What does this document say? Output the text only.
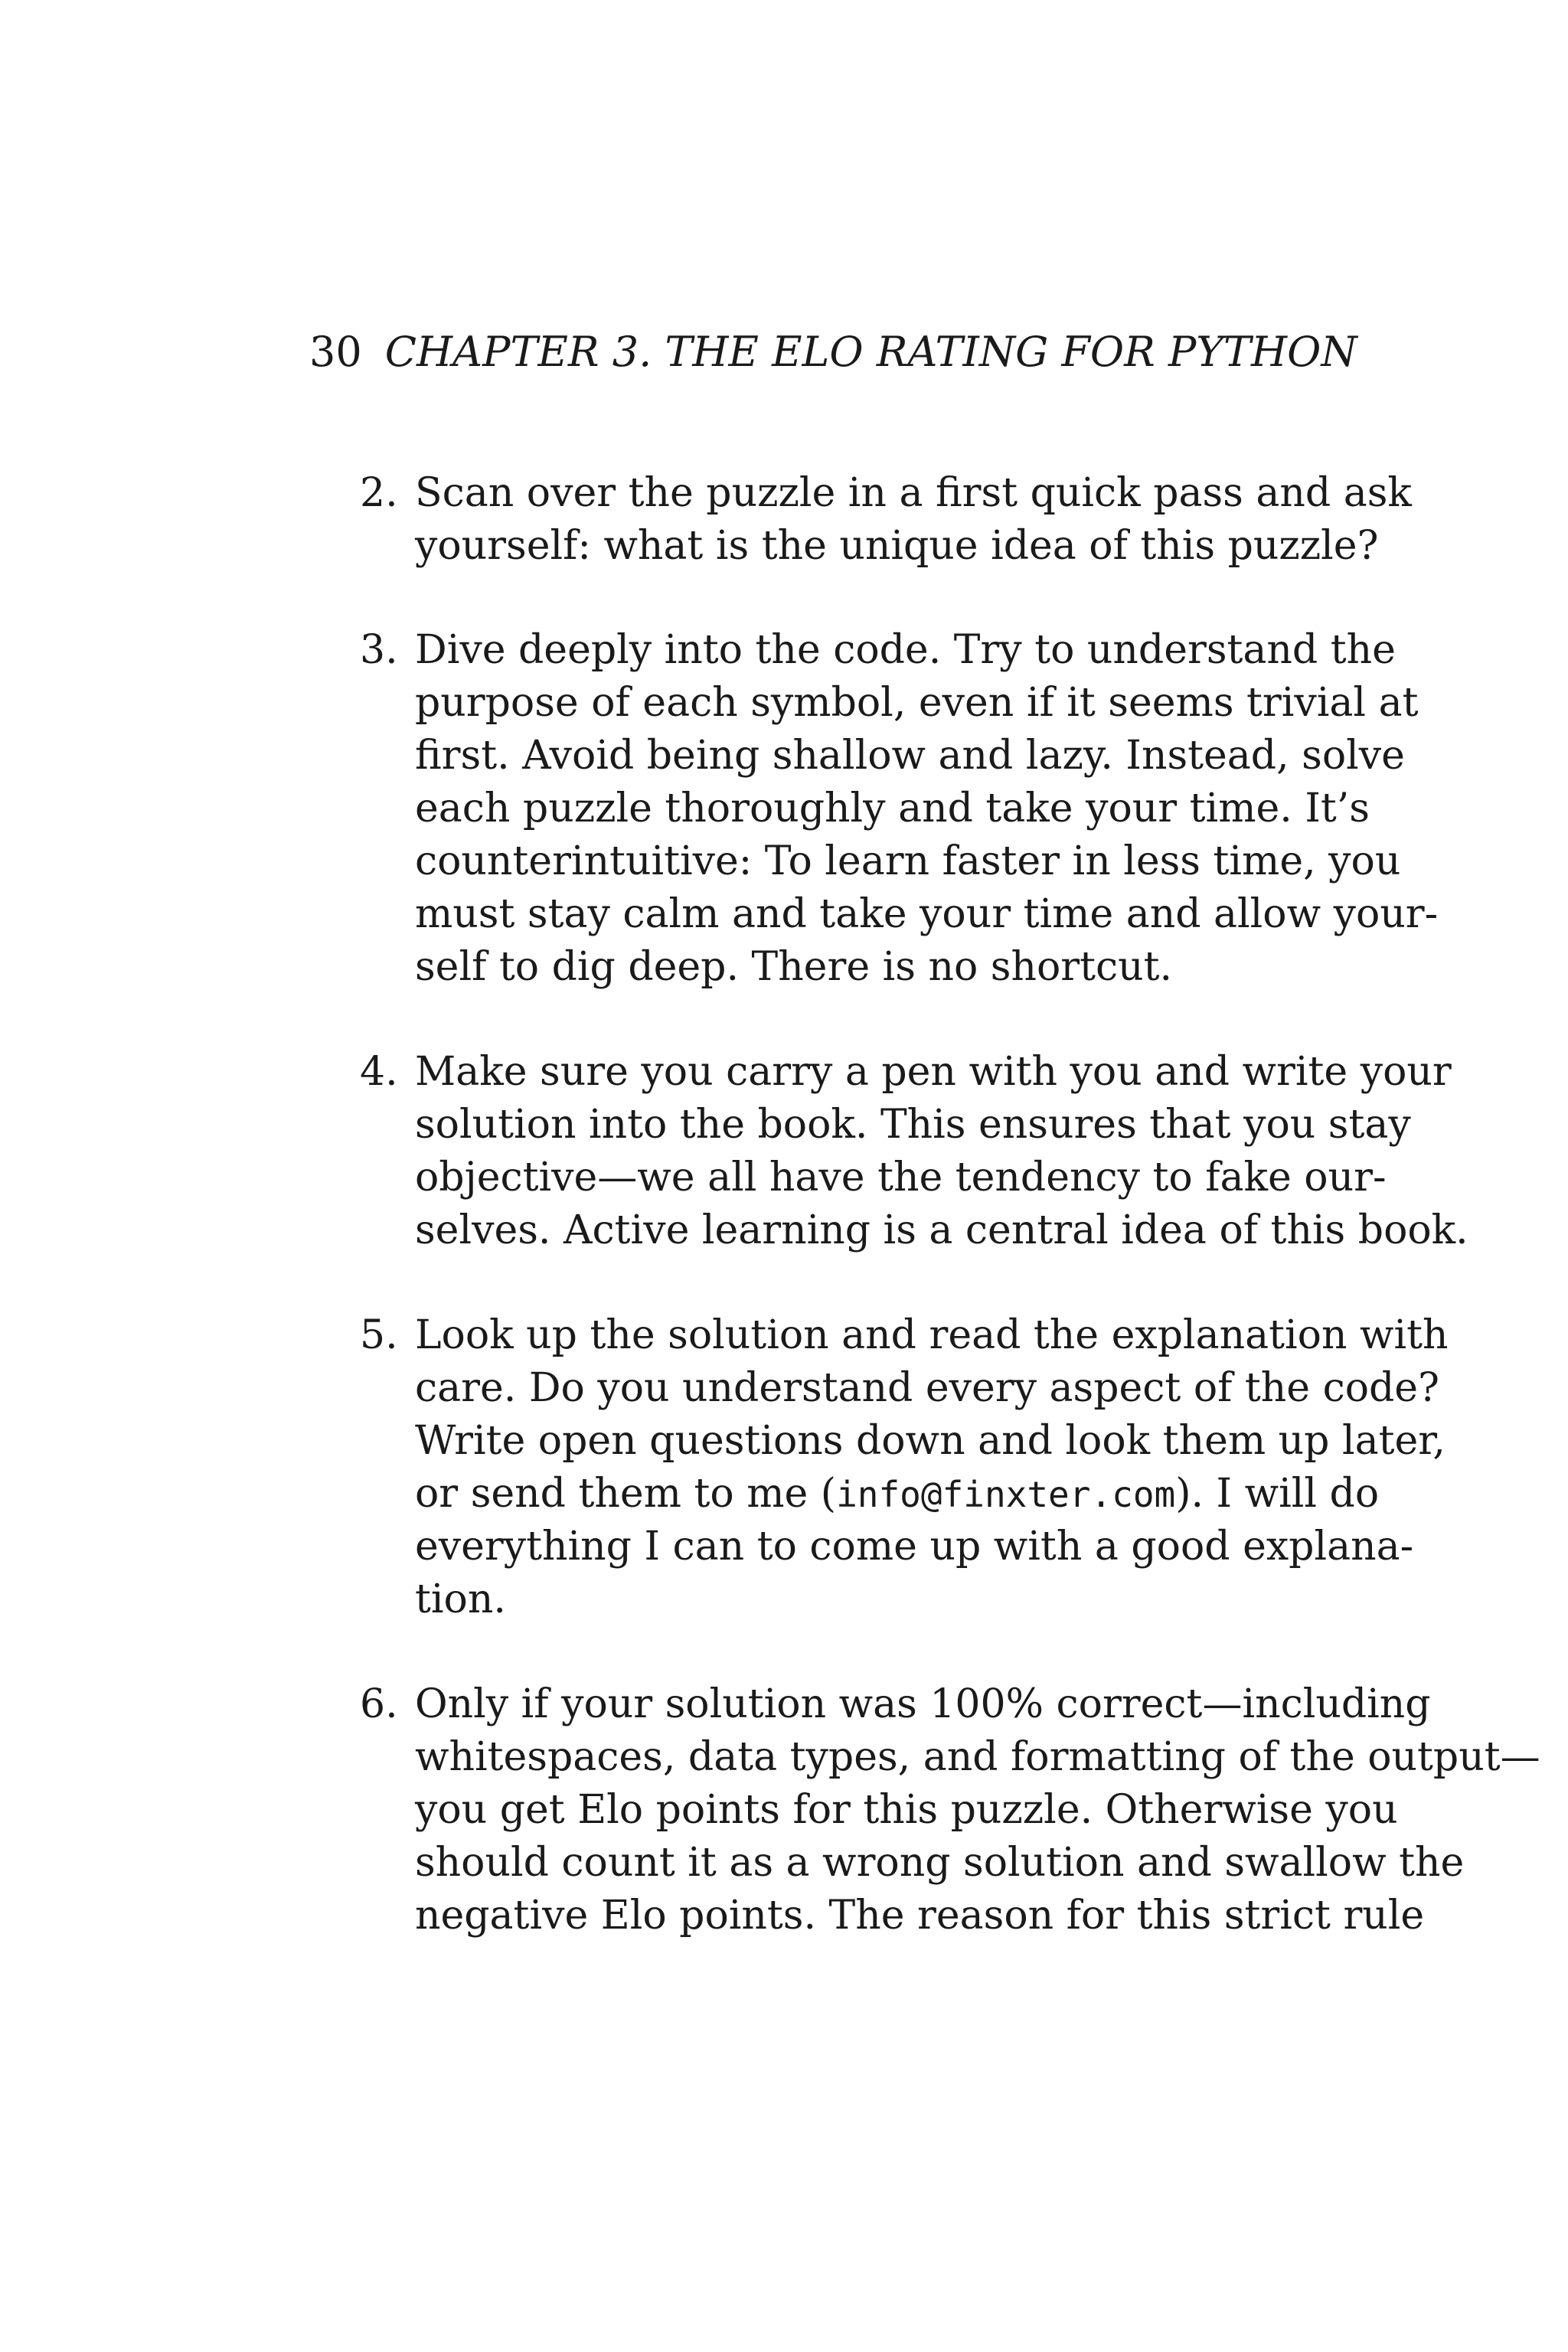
30 CHAPTER 3. THE ELO RATING FOR PYTHON
2. Scan over the puzzle in a first quick pass and ask
yourself: what is the unique idea of this puzzle?
3. Dive deeply into the code. Try to understand the
purpose of each symbol, even if it seems trivial at
first. Avoid being shallow and lazy. Instead, solve
each puzzle thoroughly and take your time. It’s
counterintuitive: To learn faster in less time, you
must stay calm and take your time and allow your-
self to dig deep. There is no shortcut.
4. Make sure you carry a pen with you and write your
solution into the book. This ensures that you stay
objective—we all have the tendency to fake our-
selves. Active learning is a central idea of this book.
5. Look up the solution and read the explanation with
care. Do you understand every aspect of the code?
Write open questions down and look them up later,
or send them to me (info@finxter.com). I will do
everything I can to come up with a good explana-
tion.
6. Only if your solution was 100% correct—including
whitespaces, data types, and formatting of the output—
you get Elo points for this puzzle. Otherwise you
should count it as a wrong solution and swallow the
negative Elo points. The reason for this strict rule
